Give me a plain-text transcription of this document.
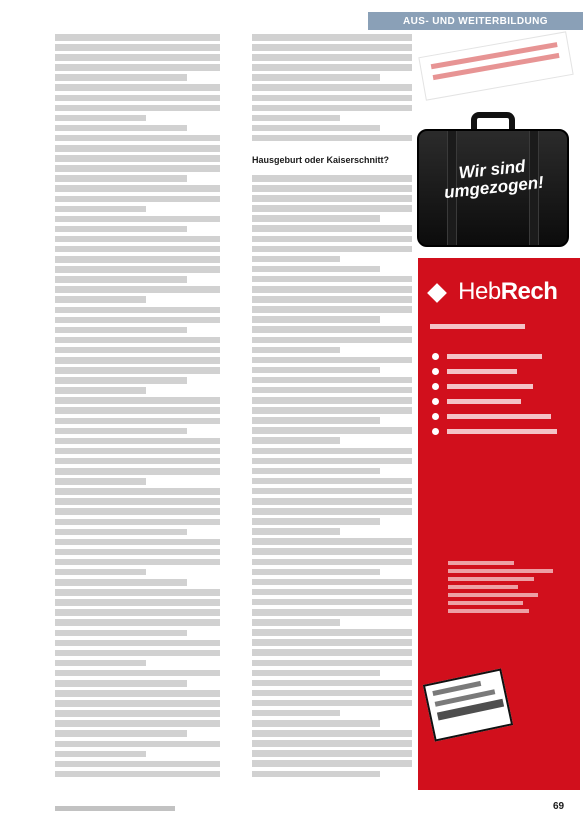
AUS- UND WEITERBILDUNG
Hausgeburt oder Kaiserschnitt?	Wir sind umgezogen!
HebRech
69
